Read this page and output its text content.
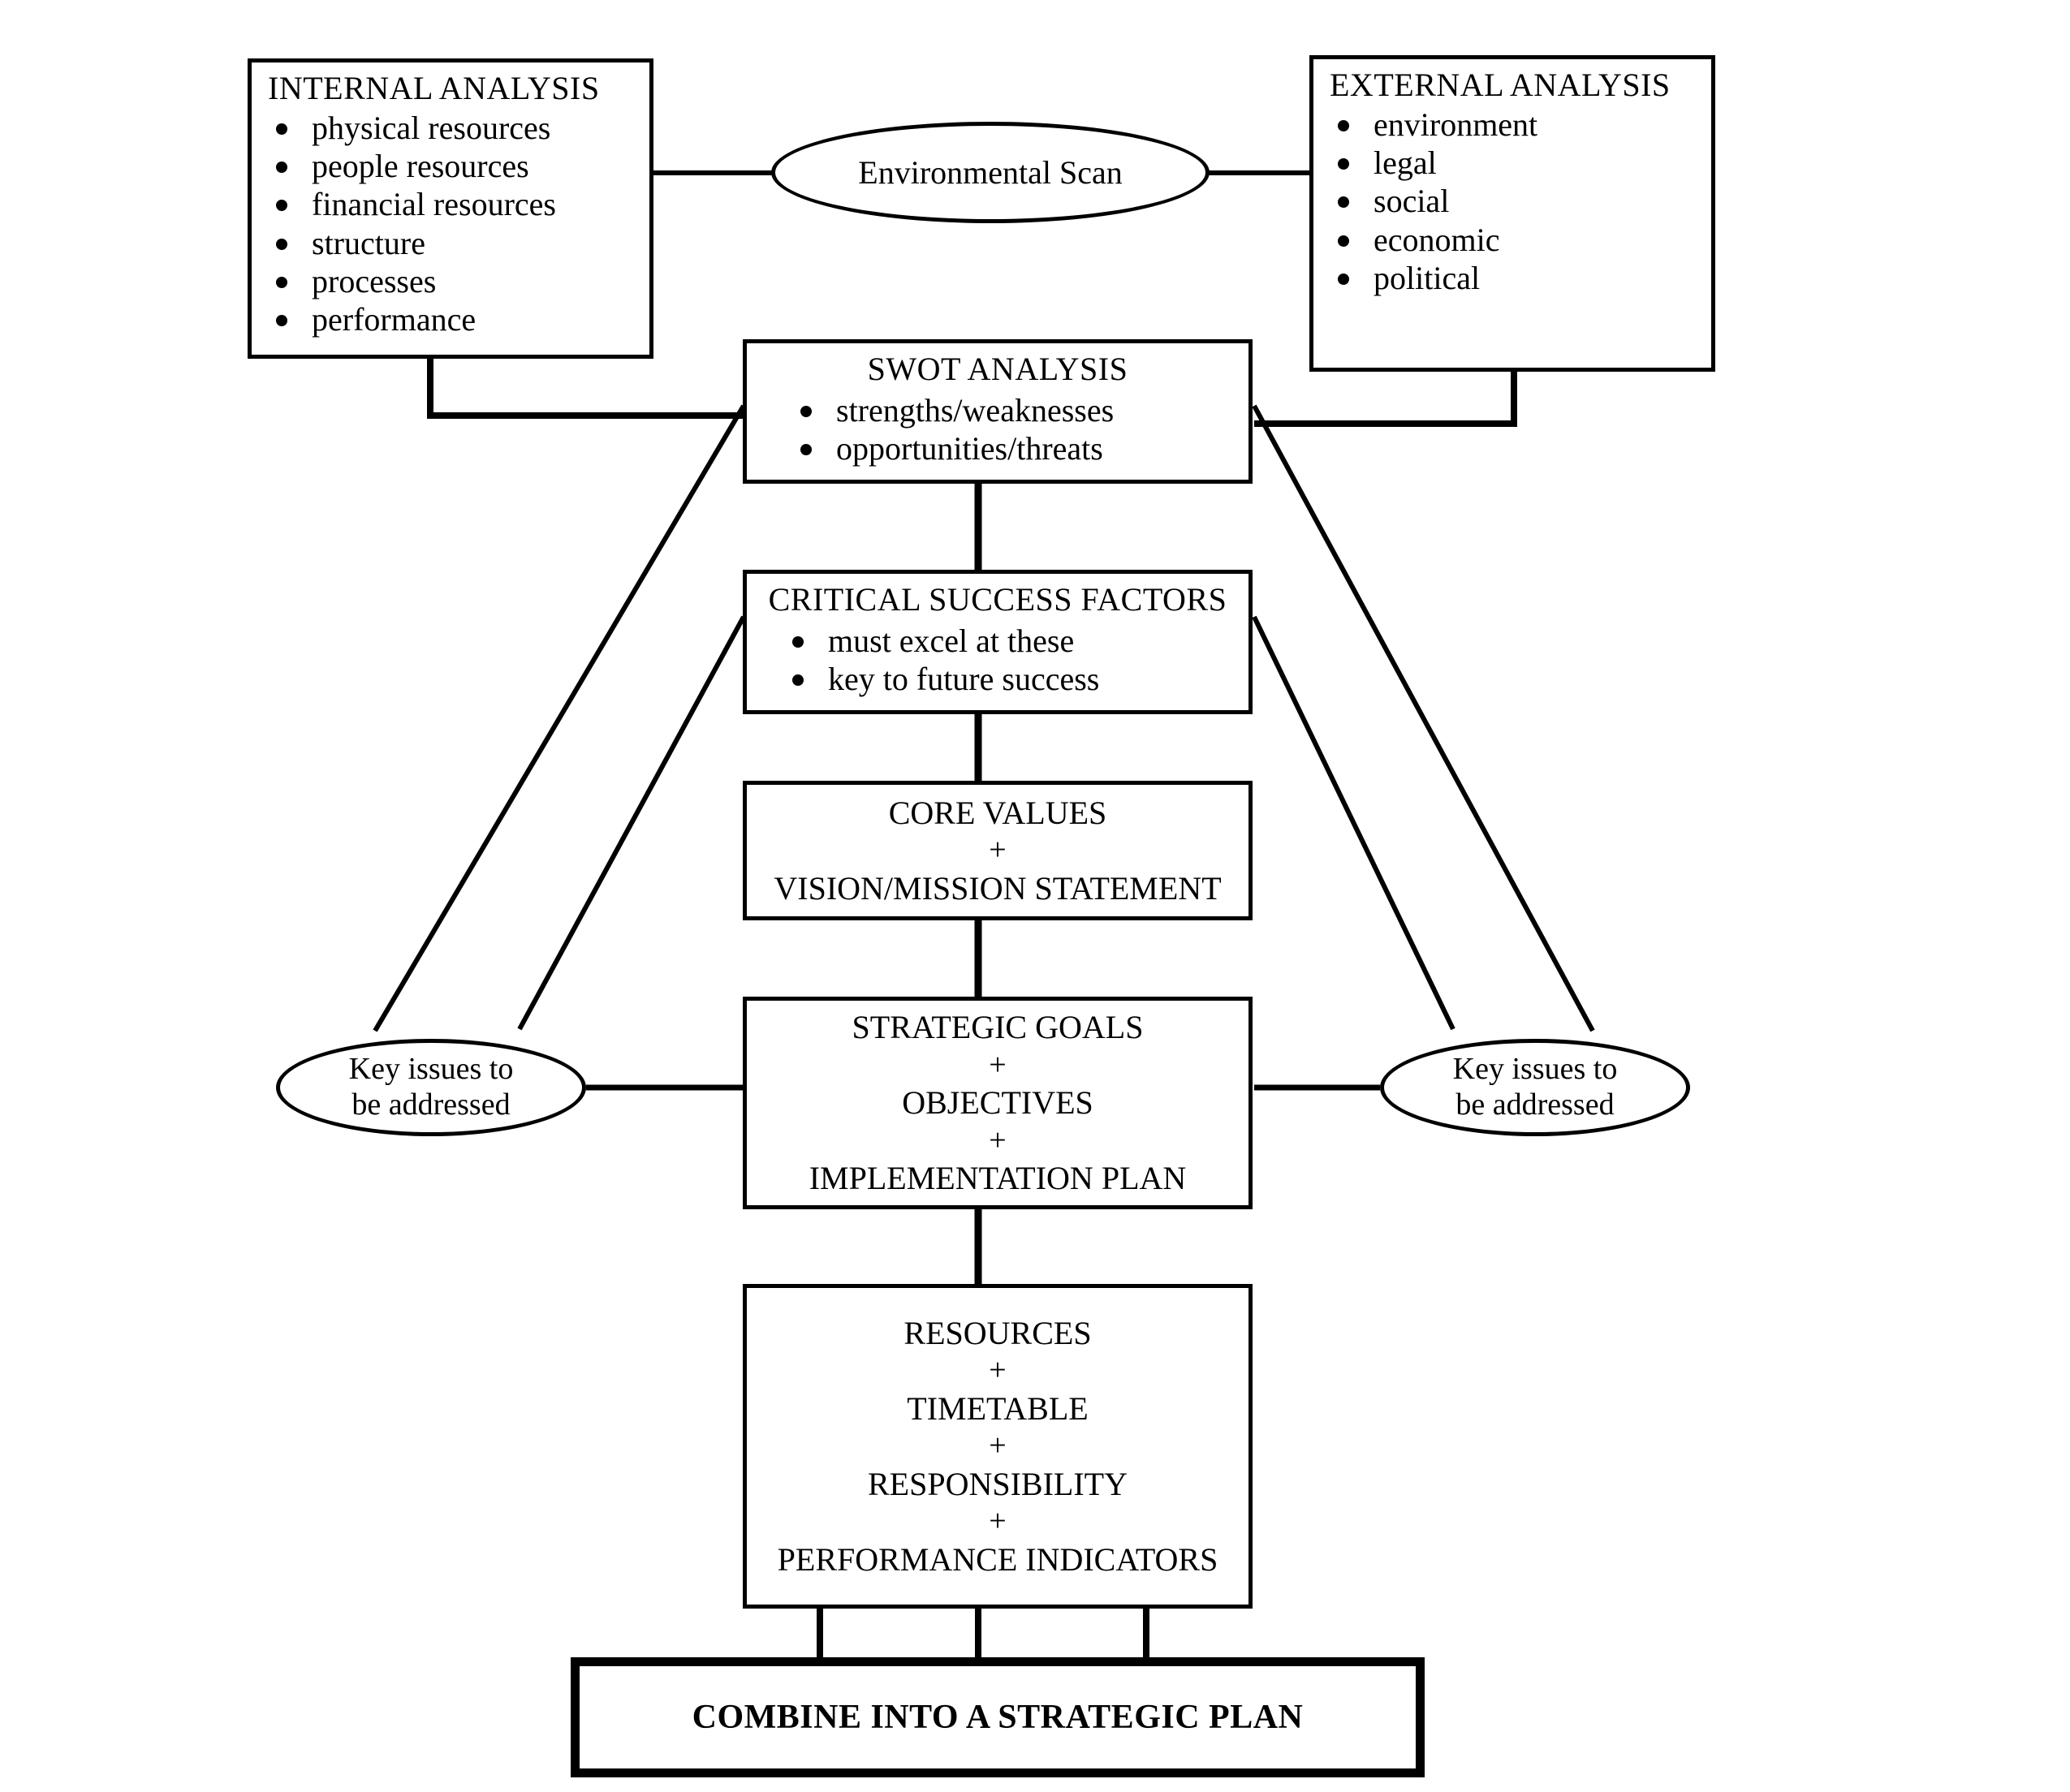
INTERNAL ANALYSIS
physical resources
people resources
financial resources
structure
processes
performance
EXTERNAL ANALYSIS
environment
legal
social
economic
political
Environmental Scan
SWOT ANALYSIS
strengths/weaknesses
opportunities/threats
CRITICAL SUCCESS FACTORS
must excel at these
key to future success
CORE VALUES
+
VISION/MISSION STATEMENT
STRATEGIC GOALS
+
OBJECTIVES
+
IMPLEMENTATION PLAN
RESOURCES
+
TIMETABLE
+
RESPONSIBILITY
+
PERFORMANCE INDICATORS
COMBINE INTO A STRATEGIC PLAN
Key issues to
be addressed
Key issues to
be addressed
